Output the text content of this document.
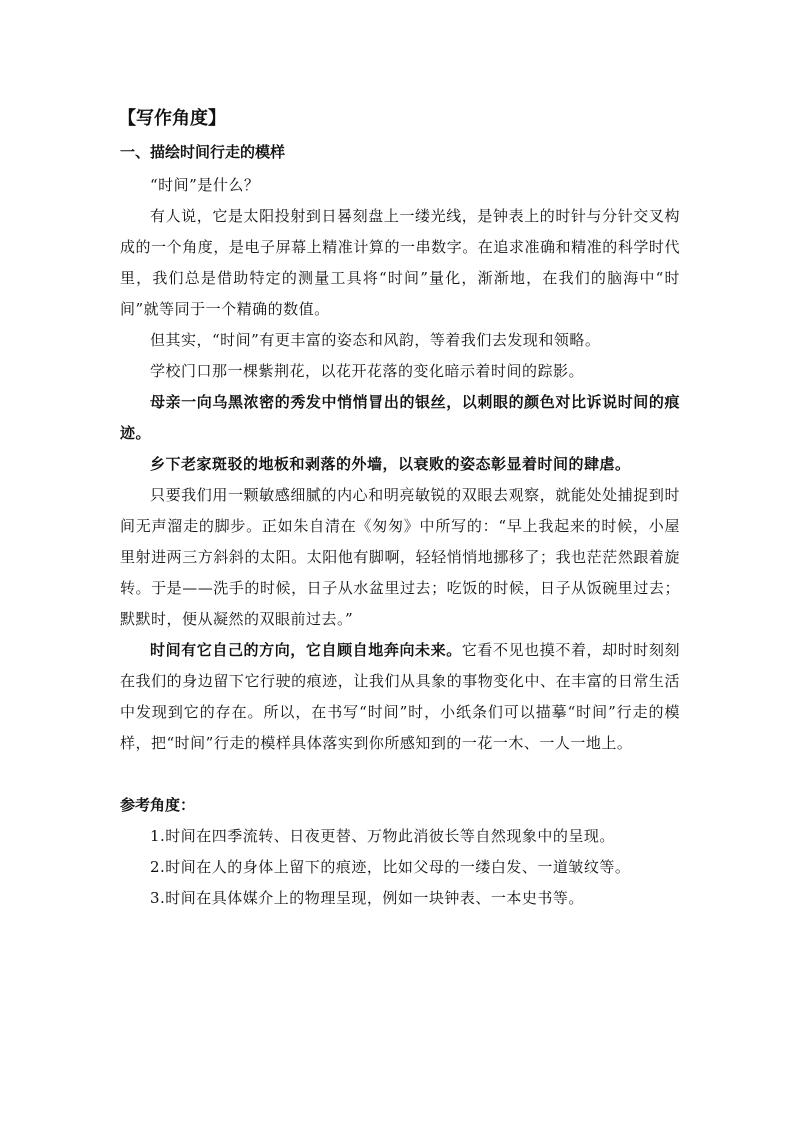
【写作角度】
一、描绘时间行走的模样

“时间”是什么？

有人说，它是太阳投射到日晷刻盘上一缕光线，是钟表上的时针与分针交叉构成的一个角度，是电子屏幕上精准计算的一串数字。在追求准确和精准的科学时代里，我们总是借助特定的测量工具将“时间”量化，渐渐地，在我们的脑海中“时间”就等同于一个精确的数值。

但其实，“时间”有更丰富的姿态和风韵，等着我们去发现和领略。

学校门口那一棵紫荆花，以花开花落的变化暗示着时间的踪影。

母亲一向乌黑浓密的秀发中悄悄冒出的银丝，以刺眼的颜色对比诉说时间的痕迹。

乡下老家斑驳的地板和剥落的外墙，以衰败的姿态彰显着时间的肆虐。

只要我们用一颗敏感细腻的内心和明亮敏锐的双眼去观察，就能处处捕捉到时间无声溜走的脚步。正如朱自清在《匆匆》中所写的：“早上我起来的时候，小屋里射进两三方斜斜的太阳。太阳他有脚啊，轻轻悄悄地挪移了；我也茫茫然跟着旋转。于是——洗手的时候，日子从水盆里过去；吃饭的时候，日子从饭碗里过去；默默时，便从凝然的双眼前过去。”

时间有它自己的方向，它自顾自地奔向未来。它看不见也摸不着，却时时刻刻在我们的身边留下它行驶的痕迹，让我们从具象的事物变化中、在丰富的日常生活中发现到它的存在。所以，在书写“时间”时，小纸条们可以描摹“时间”行走的模样，把“时间”行走的模样具体落实到你所感知到的一花一木、一人一地上。

参考角度：

1.时间在四季流转、日夜更替、万物此消彼长等自然现象中的呈现。

2.时间在人的身体上留下的痕迹，比如父母的一缕白发、一道皱纹等。

3.时间在具体媒介上的物理呈现，例如一块钟表、一本史书等。
